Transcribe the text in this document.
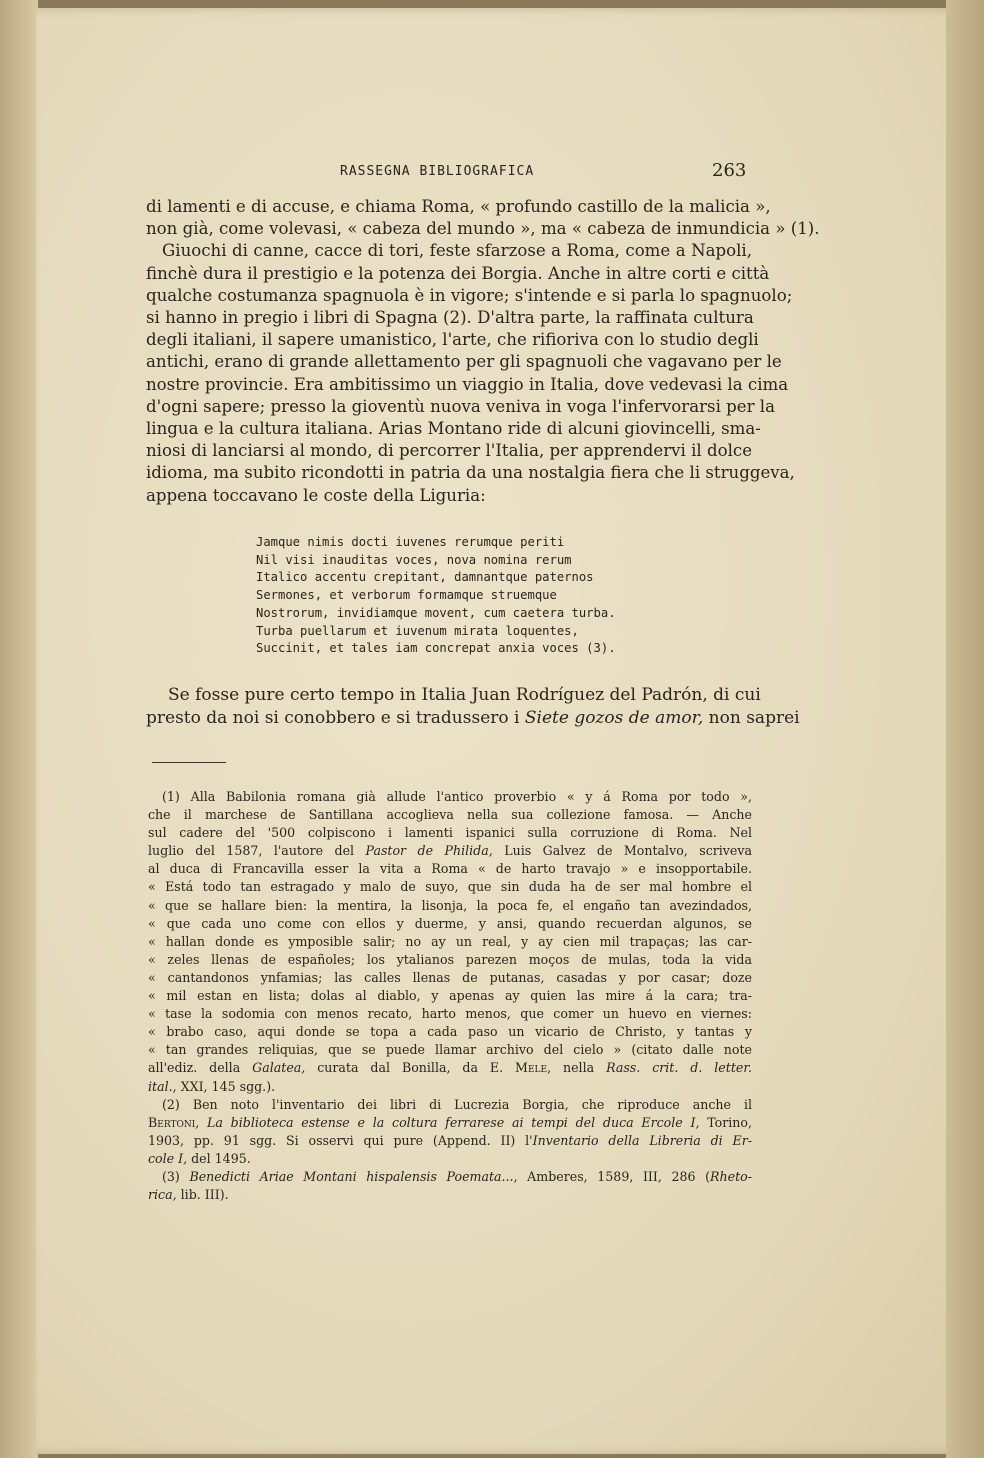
RASSEGNA BIBLIOGRAFICA	263
di lamenti e di accuse, e chiama Roma, « profundo castillo de la malicia »,
non già, come volevasi, « cabeza del mundo », ma « cabeza de inmundicia » (1).
Giuochi di canne, cacce di tori, feste sfarzose a Roma, come a Napoli,
finchè dura il prestigio e la potenza dei Borgia. Anche in altre corti e città
qualche costumanza spagnuola è in vigore; s'intende e si parla lo spagnuolo;
si hanno in pregio i libri di Spagna (2). D'altra parte, la raffinata cultura
degli italiani, il sapere umanistico, l'arte, che rifioriva con lo studio degli
antichi, erano di grande allettamento per gli spagnuoli che vagavano per le
nostre provincie. Era ambitissimo un viaggio in Italia, dove vedevasi la cima
d'ogni sapere; presso la gioventù nuova veniva in voga l'infervorarsi per la
lingua e la cultura italiana. Arias Montano ride di alcuni giovincelli, sma-
niosi di lanciarsi al mondo, di percorrer l'Italia, per apprendervi il dolce
idioma, ma subito ricondotti in patria da una nostalgia fiera che li struggeva,
appena toccavano le coste della Liguria:
Jamque nimis docti iuvenes rerumque periti
Nil visi inauditas voces, nova nomina rerum
Italico accentu crepitant, damnantque paternos
Sermones, et verborum formamque struemque
Nostrorum, invidiamque movent, cum caetera turba.
Turba puellarum et iuvenum mirata loquentes,
Succinit, et tales iam concrepat anxia voces (3).
Se fosse pure certo tempo in Italia Juan Rodríguez del Padrón, di cui
presto da noi si conobbero e si tradussero i Siete gozos de amor, non saprei
(1) Alla Babilonia romana già allude l'antico proverbio « y á Roma por todo »,
che il marchese de Santillana accoglieva nella sua collezione famosa. — Anche
sul cadere del '500 colpiscono i lamenti ispanici sulla corruzione di Roma. Nel
luglio del 1587, l'autore del Pastor de Philida, Luis Galvez de Montalvo, scriveva
al duca di Francavilla esser la vita a Roma « de harto travajo » e insopportabile.
« Está todo tan estragado y malo de suyo, que sin duda ha de ser mal hombre el
« que se hallare bien: la mentira, la lisonja, la poca fe, el engaño tan avezindados,
« que cada uno come con ellos y duerme, y ansi, quando recuerdan algunos, se
« hallan donde es ymposible salir; no ay un real, y ay cien mil trapaças; las car-
« zeles llenas de españoles; los ytalianos parezen moços de mulas, toda la vida
« cantandonos ynfamias; las calles llenas de putanas, casadas y por casar; doze
« mil estan en lista; dolas al diablo, y apenas ay quien las mire á la cara; tra-
« tase la sodomia con menos recato, harto menos, que comer un huevo en viernes:
« brabo caso, aqui donde se topa a cada paso un vicario de Christo, y tantas y
« tan grandes reliquias, que se puede llamar archivo del cielo » (citato dalle note
all'ediz. della Galatea, curata dal Bonilla, da E. Mele, nella Rass. crit. d. letter.
ital., XXI, 145 sgg.).
(2) Ben noto l'inventario dei libri di Lucrezia Borgia, che riproduce anche il
Bertoni, La biblioteca estense e la coltura ferrarese ai tempi del duca Ercole I, Torino,
1903, pp. 91 sgg. Si osservi qui pure (Append. II) l'Inventario della Libreria di Er-
cole I, del 1495.
(3) Benedicti Ariae Montani hispalensis Poemata..., Amberes, 1589, III, 286 (Rheto-
rica, lib. III).
